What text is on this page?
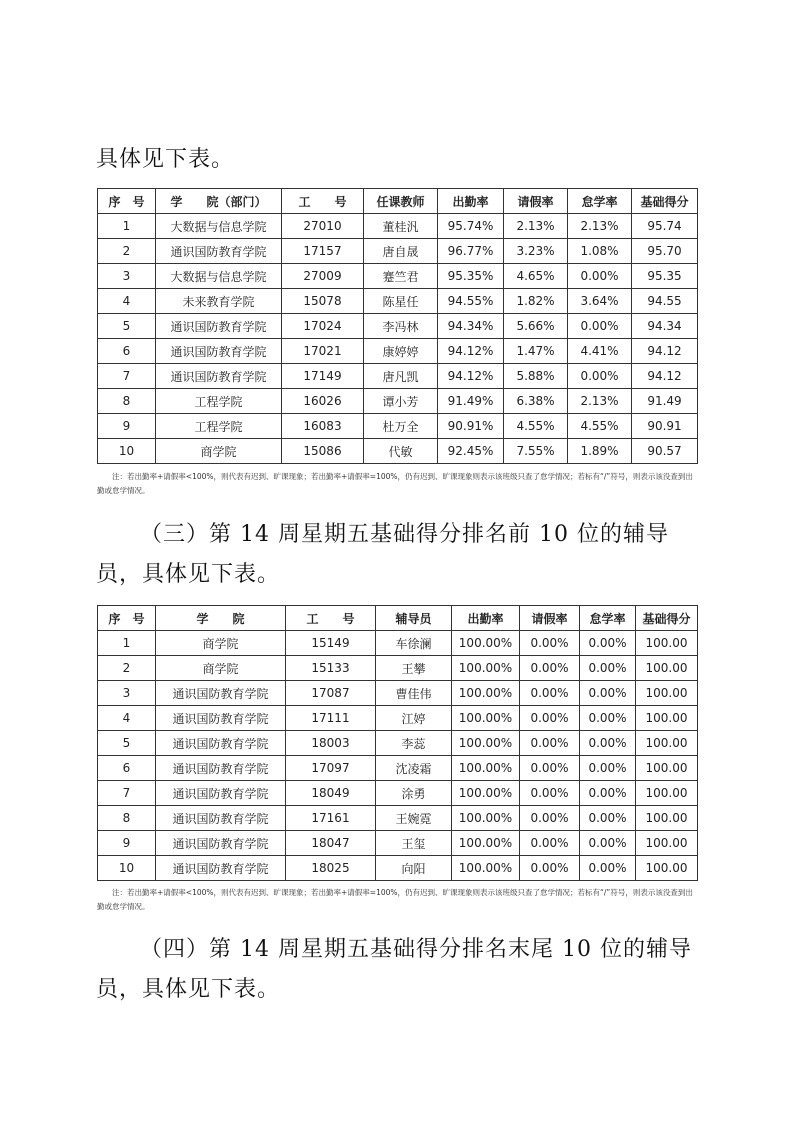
具体见下表。

序　号	学　　院（部门）	工　　号	任课教师	出勤率	请假率	怠学率	基础得分
1	大数据与信息学院	27010	董桂汎	95.74%	2.13%	2.13%	95.74
2	通识国防教育学院	17157	唐自晟	96.77%	3.23%	1.08%	95.70
3	大数据与信息学院	27009	蹇竺君	95.35%	4.65%	0.00%	95.35
4	未来教育学院	15078	陈星任	94.55%	1.82%	3.64%	94.55
5	通识国防教育学院	17024	李冯林	94.34%	5.66%	0.00%	94.34
6	通识国防教育学院	17021	康婷婷	94.12%	1.47%	4.41%	94.12
7	通识国防教育学院	17149	唐凡凯	94.12%	5.88%	0.00%	94.12
8	工程学院	16026	谭小芳	91.49%	6.38%	2.13%	91.49
9	工程学院	16083	杜万全	90.91%	4.55%	4.55%	90.91
10	商学院	15086	代敏	92.45%	7.55%	1.89%	90.57

注：若出勤率+请假率<100%，则代表有迟到、旷课现象；若出勤率+请假率=100%，仍有迟到、旷课现象则表示该班级只查了怠学情况；若标有“/”符号，则表示该没查到出勤或怠学情况。

（三）第 14 周星期五基础得分排名前 10 位的辅导员，具体见下表。

序　号	学　　院	工　　号	辅导员	出勤率	请假率	怠学率	基础得分
1	商学院	15149	车徐澜	100.00%	0.00%	0.00%	100.00
2	商学院	15133	王攀	100.00%	0.00%	0.00%	100.00
3	通识国防教育学院	17087	曹佳伟	100.00%	0.00%	0.00%	100.00
4	通识国防教育学院	17111	江婷	100.00%	0.00%	0.00%	100.00
5	通识国防教育学院	18003	李蕊	100.00%	0.00%	0.00%	100.00
6	通识国防教育学院	17097	沈凌霜	100.00%	0.00%	0.00%	100.00
7	通识国防教育学院	18049	涂勇	100.00%	0.00%	0.00%	100.00
8	通识国防教育学院	17161	王婉霓	100.00%	0.00%	0.00%	100.00
9	通识国防教育学院	18047	王玺	100.00%	0.00%	0.00%	100.00
10	通识国防教育学院	18025	向阳	100.00%	0.00%	0.00%	100.00

注：若出勤率+请假率<100%，则代表有迟到、旷课现象；若出勤率+请假率=100%，仍有迟到、旷课现象则表示该班级只查了怠学情况；若标有“/”符号，则表示该没查到出勤或怠学情况。

（四）第 14 周星期五基础得分排名末尾 10 位的辅导员，具体见下表。
